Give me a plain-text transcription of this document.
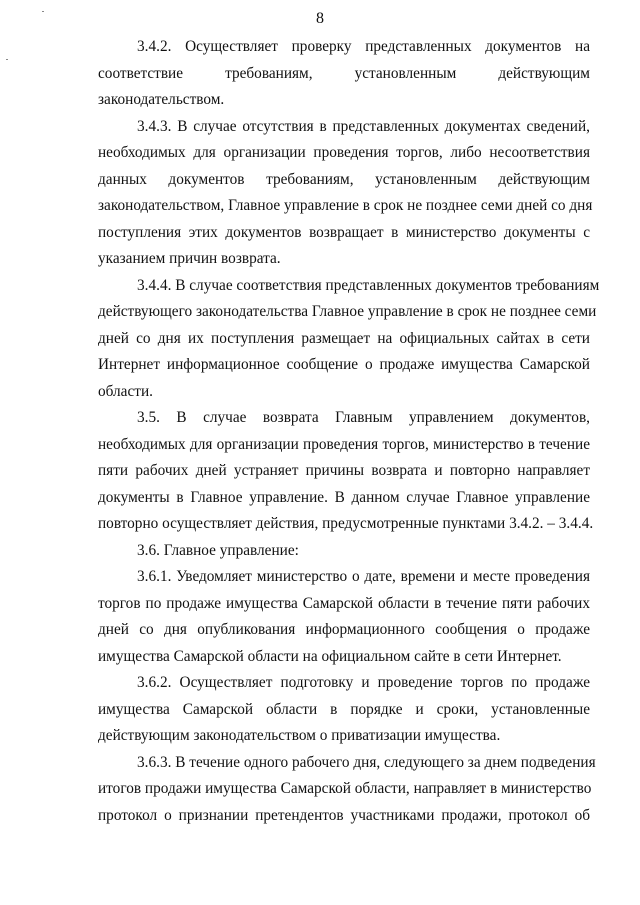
8
3.4.2. Осуществляет проверку представленных документов на
соответствие требованиям, установленным действующим
законодательством.
3.4.3. В случае отсутствия в представленных документах сведений,
необходимых для организации проведения торгов, либо несоответствия
данных документов требованиям, установленным действующим
законодательством, Главное управление в срок не позднее семи дней со дня
поступления этих документов возвращает в министерство документы с
указанием причин возврата.
3.4.4. В случае соответствия представленных документов требованиям
действующего законодательства Главное управление в срок не позднее семи
дней со дня их поступления размещает на официальных сайтах в сети
Интернет информационное сообщение о продаже имущества Самарской
области.
3.5. В случае возврата Главным управлением документов,
необходимых для организации проведения торгов, министерство в течение
пяти рабочих дней устраняет причины возврата и повторно направляет
документы в Главное управление. В данном случае Главное управление
повторно осуществляет действия, предусмотренные пунктами 3.4.2. – 3.4.4.
3.6. Главное управление:
3.6.1. Уведомляет министерство о дате, времени и месте проведения
торгов по продаже имущества Самарской области в течение пяти рабочих
дней со дня опубликования информационного сообщения о продаже
имущества Самарской области на официальном сайте в сети Интернет.
3.6.2. Осуществляет подготовку и проведение торгов по продаже
имущества Самарской области в порядке и сроки, установленные
действующим законодательством о приватизации имущества.
3.6.3. В течение одного рабочего дня, следующего за днем подведения
итогов продажи имущества Самарской области, направляет в министерство
протокол о признании претендентов участниками продажи, протокол об
